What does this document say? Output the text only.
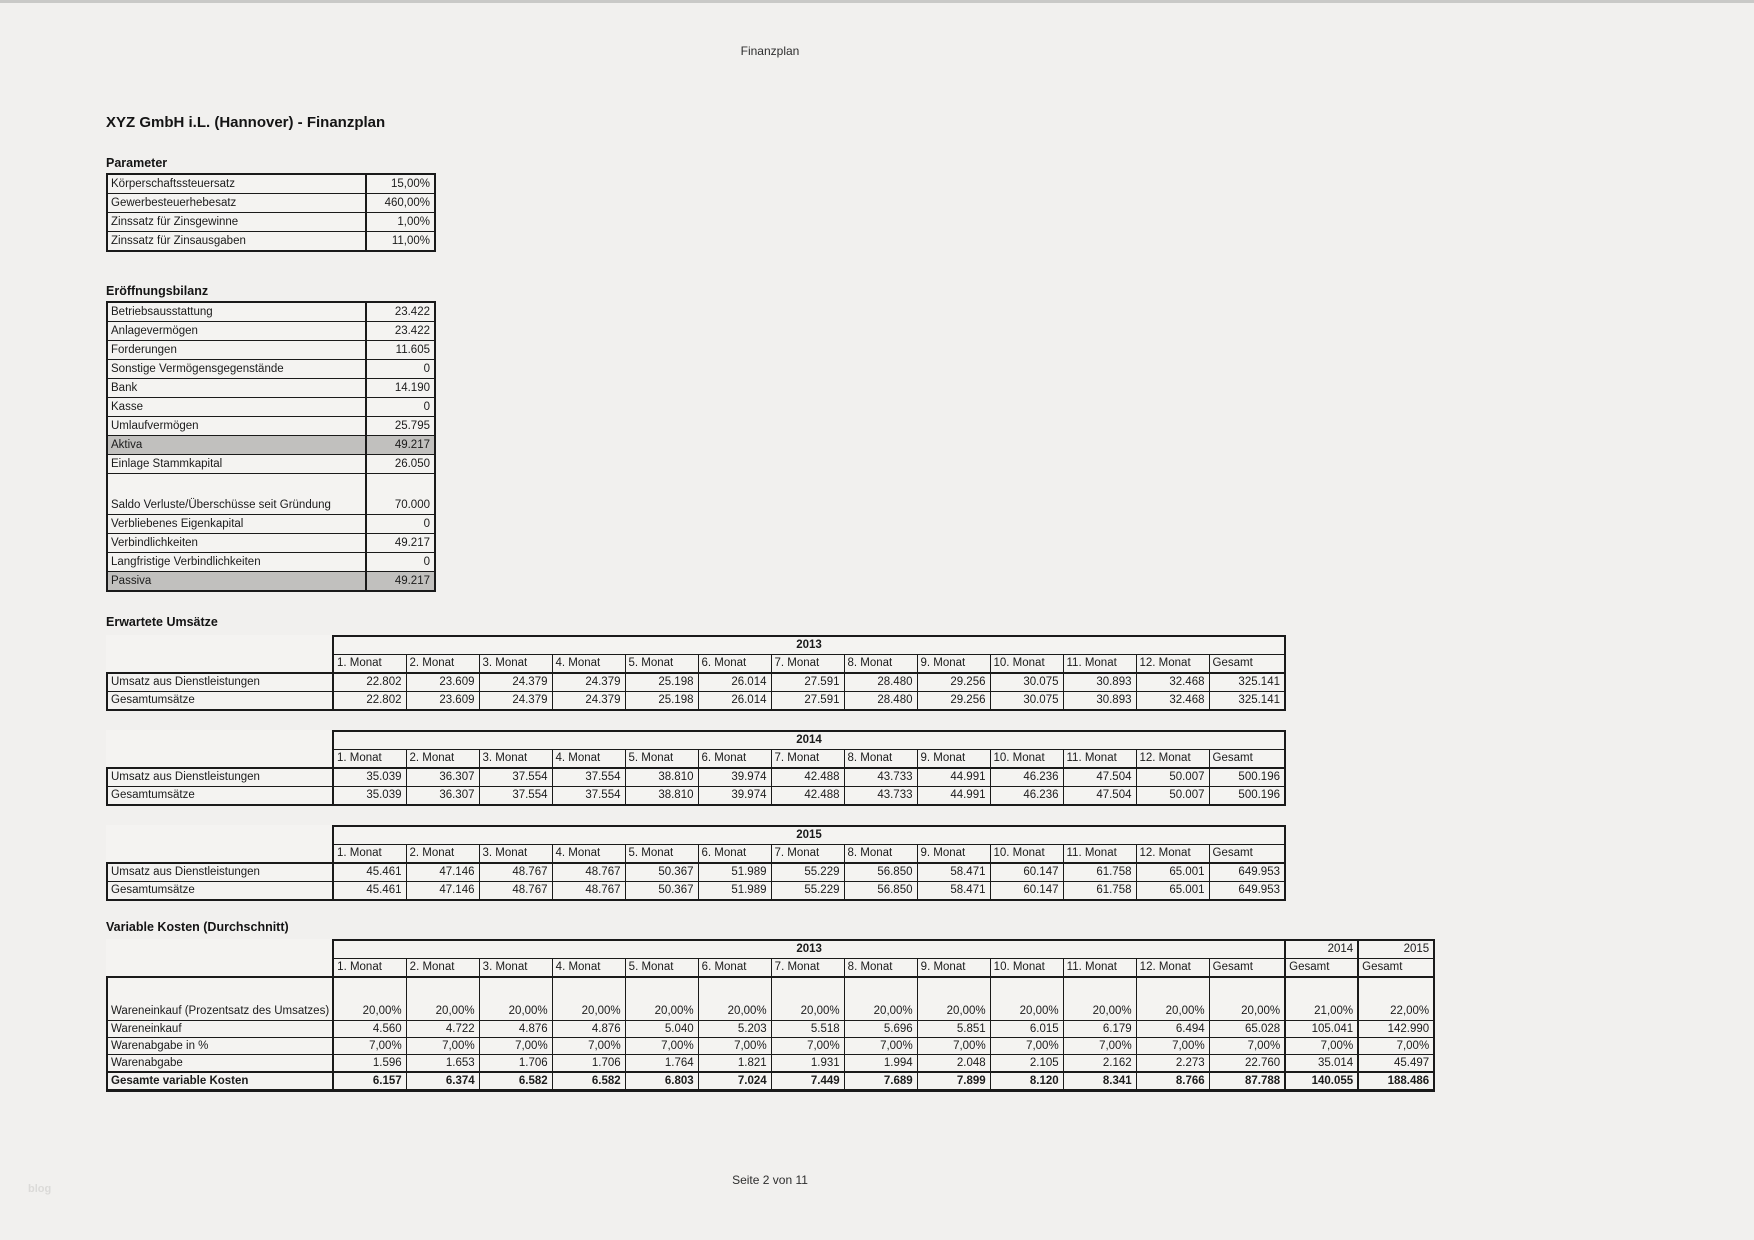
Finanzplan
XYZ GmbH i.L. (Hannover) - Finanzplan
Parameter
Körperschaftssteuersatz	15,00%
Gewerbesteuerhebesatz	460,00%
Zinssatz für Zinsgewinne	1,00%
Zinssatz für Zinsausgaben	11,00%
Eröffnungsbilanz
Betriebsausstattung	23.422
Anlagevermögen	23.422
Forderungen	11.605
Sonstige Vermögensgegenstände	0
Bank	14.190
Kasse	0
Umlaufvermögen	25.795
Aktiva	49.217
Einlage Stammkapital	26.050
Saldo Verluste/Überschüsse seit Gründung	70.000
Verbliebenes Eigenkapital	0
Verbindlichkeiten	49.217
Langfristige Verbindlichkeiten	0
Passiva	49.217
Erwartete Umsätze
	2013												
	1. Monat	2. Monat	3. Monat	4. Monat	5. Monat	6. Monat	7. Monat	8. Monat	9. Monat	10. Monat	11. Monat	12. Monat	Gesamt
Umsatz aus Dienstleistungen	22.802	23.609	24.379	24.379	25.198	26.014	27.591	28.480	29.256	30.075	30.893	32.468	325.141
Gesamtumsätze	22.802	23.609	24.379	24.379	25.198	26.014	27.591	28.480	29.256	30.075	30.893	32.468	325.141
	2014												
	1. Monat	2. Monat	3. Monat	4. Monat	5. Monat	6. Monat	7. Monat	8. Monat	9. Monat	10. Monat	11. Monat	12. Monat	Gesamt
Umsatz aus Dienstleistungen	35.039	36.307	37.554	37.554	38.810	39.974	42.488	43.733	44.991	46.236	47.504	50.007	500.196
Gesamtumsätze	35.039	36.307	37.554	37.554	38.810	39.974	42.488	43.733	44.991	46.236	47.504	50.007	500.196
	2015												
	1. Monat	2. Monat	3. Monat	4. Monat	5. Monat	6. Monat	7. Monat	8. Monat	9. Monat	10. Monat	11. Monat	12. Monat	Gesamt
Umsatz aus Dienstleistungen	45.461	47.146	48.767	48.767	50.367	51.989	55.229	56.850	58.471	60.147	61.758	65.001	649.953
Gesamtumsätze	45.461	47.146	48.767	48.767	50.367	51.989	55.229	56.850	58.471	60.147	61.758	65.001	649.953
Variable Kosten (Durchschnitt)
	2013													2014	2015
	1. Monat	2. Monat	3. Monat	4. Monat	5. Monat	6. Monat	7. Monat	8. Monat	9. Monat	10. Monat	11. Monat	12. Monat	Gesamt	Gesamt	Gesamt
Wareneinkauf (Prozentsatz des Umsatzes)	20,00%	20,00%	20,00%	20,00%	20,00%	20,00%	20,00%	20,00%	20,00%	20,00%	20,00%	20,00%	20,00%	21,00%	22,00%
Wareneinkauf	4.560	4.722	4.876	4.876	5.040	5.203	5.518	5.696	5.851	6.015	6.179	6.494	65.028	105.041	142.990
Warenabgabe in %	7,00%	7,00%	7,00%	7,00%	7,00%	7,00%	7,00%	7,00%	7,00%	7,00%	7,00%	7,00%	7,00%	7,00%	7,00%
Warenabgabe	1.596	1.653	1.706	1.706	1.764	1.821	1.931	1.994	2.048	2.105	2.162	2.273	22.760	35.014	45.497
Gesamte variable Kosten	6.157	6.374	6.582	6.582	6.803	7.024	7.449	7.689	7.899	8.120	8.341	8.766	87.788	140.055	188.486
Seite 2 von 11
blog
